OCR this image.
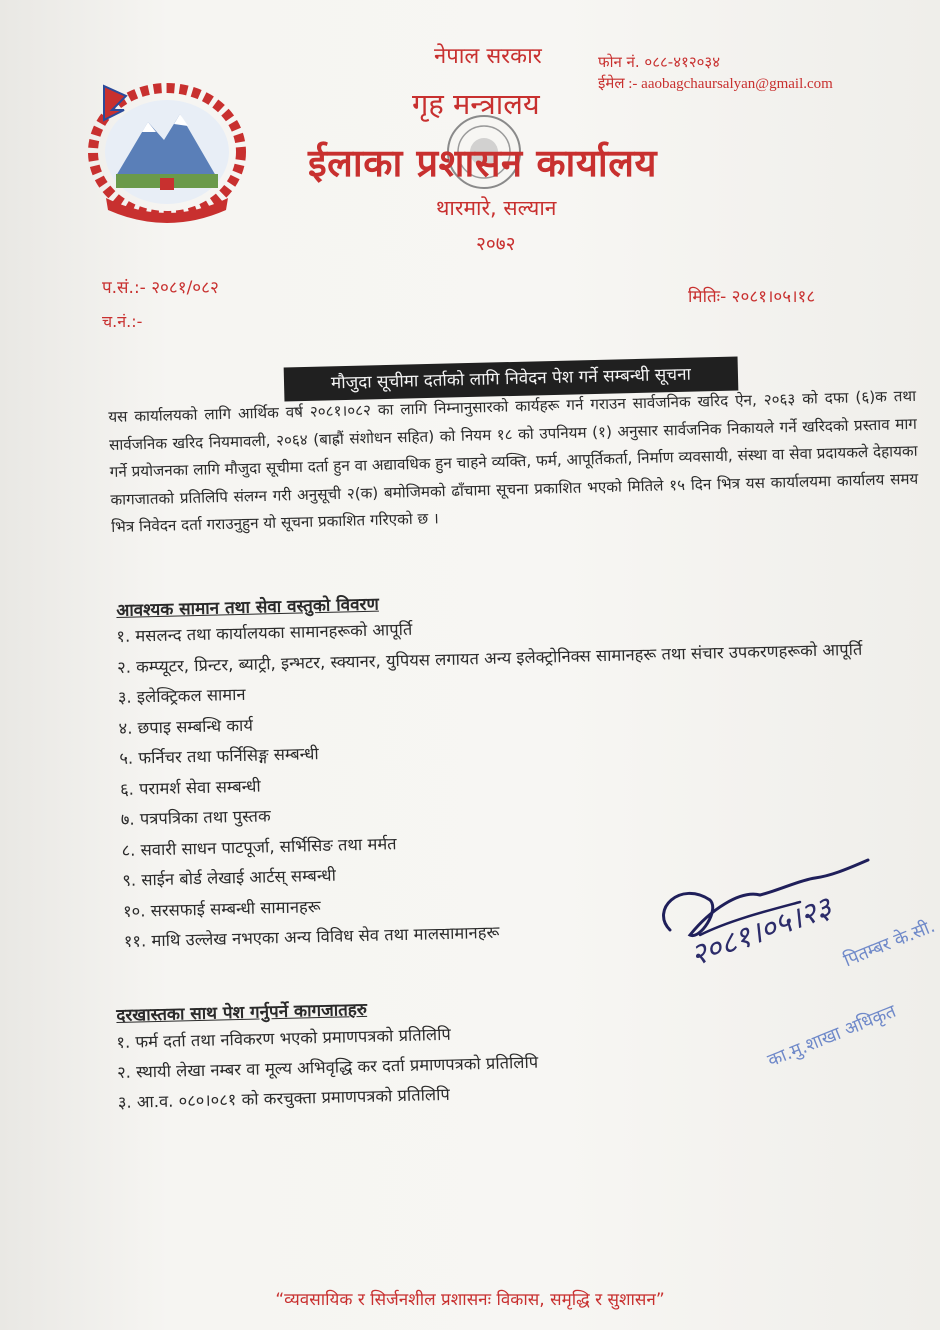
नेपाल सरकार
गृह मन्त्रालय
ईलाका प्रशासन कार्यालय
थारमारे, सल्यान
२०७२
फोन नं. ०८८-४१२०३४
ईमेल :- aaobagchaursalyan@gmail.com
प.सं.:- २०८१/०८२
च.नं.:-
मितिः- २०८१।०५।१८
मौजुदा सूचीमा दर्ताको लागि निवेदन पेश गर्ने सम्बन्धी सूचना
यस कार्यालयको लागि आर्थिक वर्ष २०८१।०८२ का लागि निम्नानुसारको कार्यहरू गर्न गराउन सार्वजनिक खरिद ऐन, २०६३ को दफा (६)क तथा सार्वजनिक खरिद नियमावली, २०६४ (बाह्रौं संशोधन सहित) को नियम १८ को उपनियम (१) अनुसार सार्वजनिक निकायले गर्ने खरिदको प्रस्ताव माग गर्ने प्रयोजनका लागि मौजुदा सूचीमा दर्ता हुन वा अद्यावधिक हुन चाहने व्यक्ति, फर्म, आपूर्तिकर्ता, निर्माण व्यवसायी, संस्था वा सेवा प्रदायकले देहायका कागजातको प्रतिलिपि संलग्न गरी अनुसूची २(क) बमोजिमको ढाँचामा सूचना प्रकाशित भएको मितिले १५ दिन भित्र यस कार्यालयमा कार्यालय समय भित्र निवेदन दर्ता गराउनुहुन यो सूचना प्रकाशित गरिएको छ ।
आवश्यक सामान तथा सेवा वस्तुको विवरण
१. मसलन्द तथा कार्यालयका सामानहरूको आपूर्ति
२. कम्प्यूटर, प्रिन्टर, ब्याट्री, इन्भटर, स्क्यानर, युपियस लगायत अन्य इलेक्ट्रोनिक्स सामानहरू तथा संचार उपकरणहरूको आपूर्ति
३. इलेक्ट्रिकल सामान
४. छपाइ सम्बन्धि कार्य
५. फर्निचर तथा फर्निसिङ्ग सम्बन्धी
६. परामर्श सेवा सम्बन्धी
७. पत्रपत्रिका तथा पुस्तक
८. सवारी साधन पाटपूर्जा, सर्भिसिङ तथा मर्मत
९. साईन बोर्ड लेखाई आर्टस् सम्बन्धी
१०. सरसफाई सम्बन्धी सामानहरू
११. माथि उल्लेख नभएका अन्य विविध सेव तथा मालसामानहरू
दरखास्तका साथ पेश गर्नुपर्ने कागजातहरु
१. फर्म दर्ता तथा नविकरण भएको प्रमाणपत्रको प्रतिलिपि
२. स्थायी लेखा नम्बर वा मूल्य अभिवृद्धि कर दर्ता प्रमाणपत्रको प्रतिलिपि
३. आ.व. ०८०।०८१ को करचुक्ता प्रमाणपत्रको प्रतिलिपि
२०८१।०५।२३ पितम्बर के.सी.
का.मु.शाखा अधिकृत
“व्यवसायिक र सिर्जनशील प्रशासनः विकास, समृद्धि र सुशासन”
